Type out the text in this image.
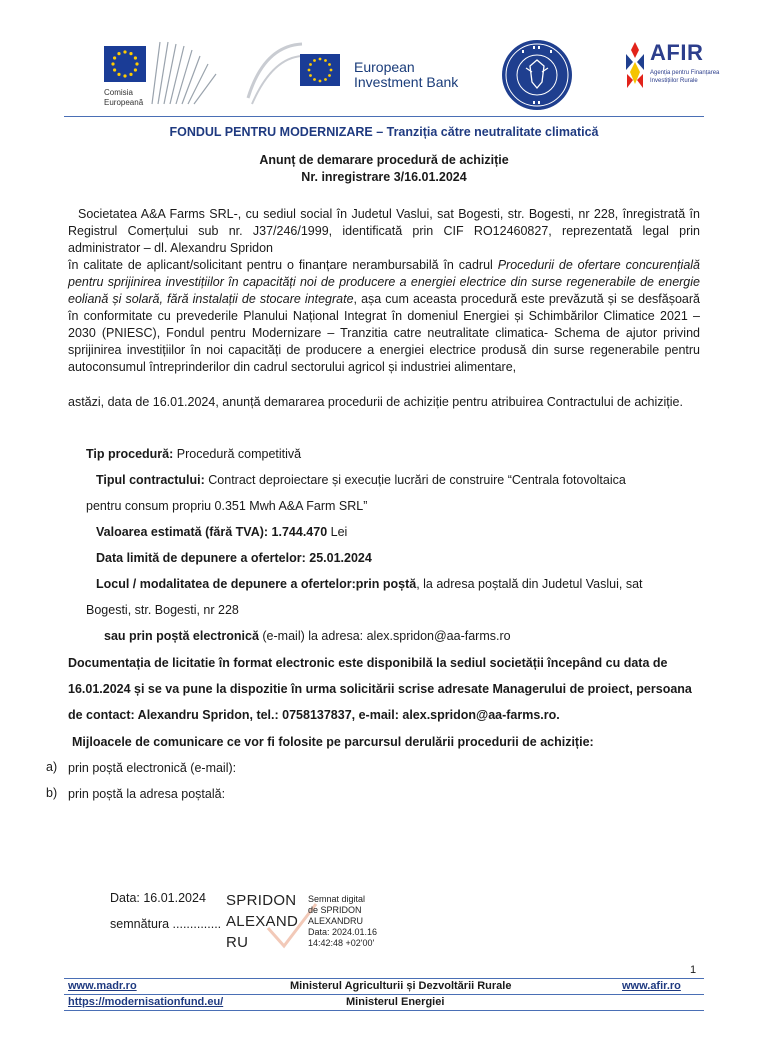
Comisia
Europeană
European
Investment Bank
AFIR
Agenția pentru Finanțarea
Investițiilor Rurale
FONDUL PENTRU MODERNIZARE – Tranziția către neutralitate climatică
Anunț de demarare procedură de achiziție
Nr. inregistrare 3/16.01.2024

Societatea A&A Farms SRL-, cu sediul social în Judetul Vaslui, sat Bogesti, str. Bogesti, nr 228, înregistrată în Registrul Comerțului sub nr. J37/246/1999, identificată prin CIF RO12460827, reprezentată legal prin administrator – dl. Alexandru Spridon

în calitate de aplicant/solicitant pentru o finanțare nerambursabilă în cadrul Procedurii de ofertare concurențială pentru sprijinirea investițiilor în capacități noi de producere a energiei electrice din surse regenerabile de energie eoliană și solară, fără instalații de stocare integrate, așa cum aceasta procedură este prevăzută și se desfășoară în conformitate cu prevederile Planului Național Integrat în domeniul Energiei și Schimbărilor Climatice 2021 – 2030 (PNIESC), Fondul pentru Modernizare – Tranzitia catre neutralitate climatica- Schema de ajutor privind sprijinirea investițiilor în noi capacități de producere a energiei electrice produsă din surse regenerabile pentru autoconsumul întreprinderilor din cadrul sectorului agricol și industriei alimentare,

astăzi, data de 16.01.2024, anunță demararea procedurii de achiziție pentru atribuirea Contractului de achiziție.

Tip procedură: Procedură competitivă
Tipul contractului: Contract deproiectare și execuție lucrări de construire “Centrala fotovoltaica
pentru consum propriu 0.351 Mwh A&A Farm SRL”
Valoarea estimată (fără TVA): 1.744.470 Lei
Data limită de depunere a ofertelor: 25.01.2024
Locul / modalitatea de depunere a ofertelor:prin poștă, la adresa poștală din Judetul Vaslui, sat
Bogesti, str. Bogesti, nr 228
sau prin poștă electronică (e-mail) la adresa: alex.spridon@aa-farms.ro
Documentația de licitatie în format electronic este disponibilă la sediul societății începând cu data de
16.01.2024 și se va pune la dispozitie în urma solicitării scrise adresate Managerului de proiect, persoana
de contact: Alexandru Spridon, tel.: 0758137837, e-mail: alex.spridon@aa-farms.ro.
Mijloacele de comunicare ce vor fi folosite pe parcursul derulării procedurii de achiziție:
a) prin poștă electronică (e-mail):
b) prin poștă la adresa poștală:
Data: 16.01.2024
semnătura ..............
SPRIDON
ALEXAND
RU
Semnat digital
de SPRIDON
ALEXANDRU
Data: 2024.01.16
14:42:48 +02'00'
1
www.madr.ro	Ministerul Agriculturii și Dezvoltării Rurale	www.afir.ro
https://modernisationfund.eu/	Ministerul Energiei
